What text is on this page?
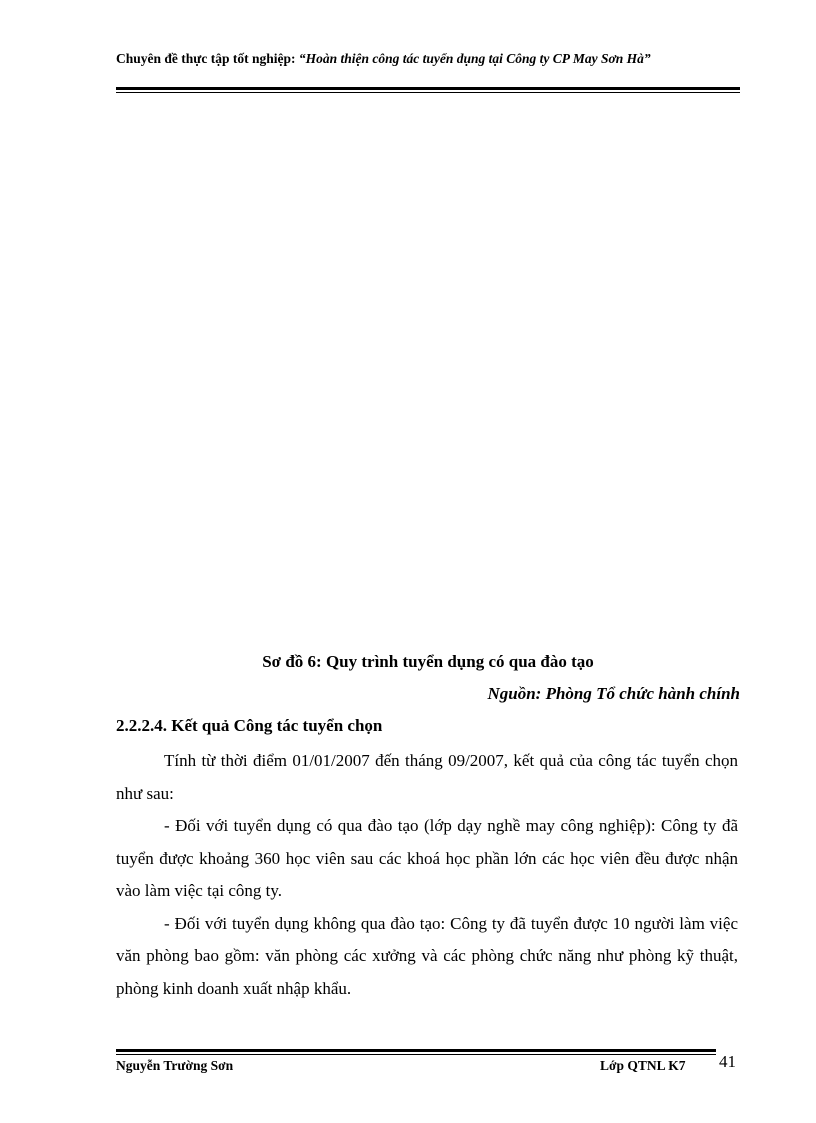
Chuyên đề thực tập tốt nghiệp: “Hoàn thiện công tác tuyển dụng tại Công ty CP May Sơn Hà”
Sơ đồ 6: Quy trình tuyển dụng có qua đào tạo
Nguồn: Phòng Tổ chức hành chính
2.2.2.4. Kết quả Công tác tuyển chọn

Tính từ thời điểm 01/01/2007 đến tháng 09/2007, kết quả của công tác tuyển chọn như sau:

- Đối với tuyển dụng có qua đào tạo (lớp dạy nghề may công nghiệp): Công ty đã tuyển được khoảng 360 học viên sau các khoá học phần lớn các học viên đều được nhận vào làm việc tại công ty.

- Đối với tuyển dụng không qua đào tạo: Công ty đã tuyển được 10 người làm việc văn phòng bao gồm: văn phòng các xưởng và các phòng chức năng như phòng kỹ thuật, phòng kinh doanh xuất nhập khẩu.

Nguyễn Trường Sơn	Lớp QTNL K7 41
